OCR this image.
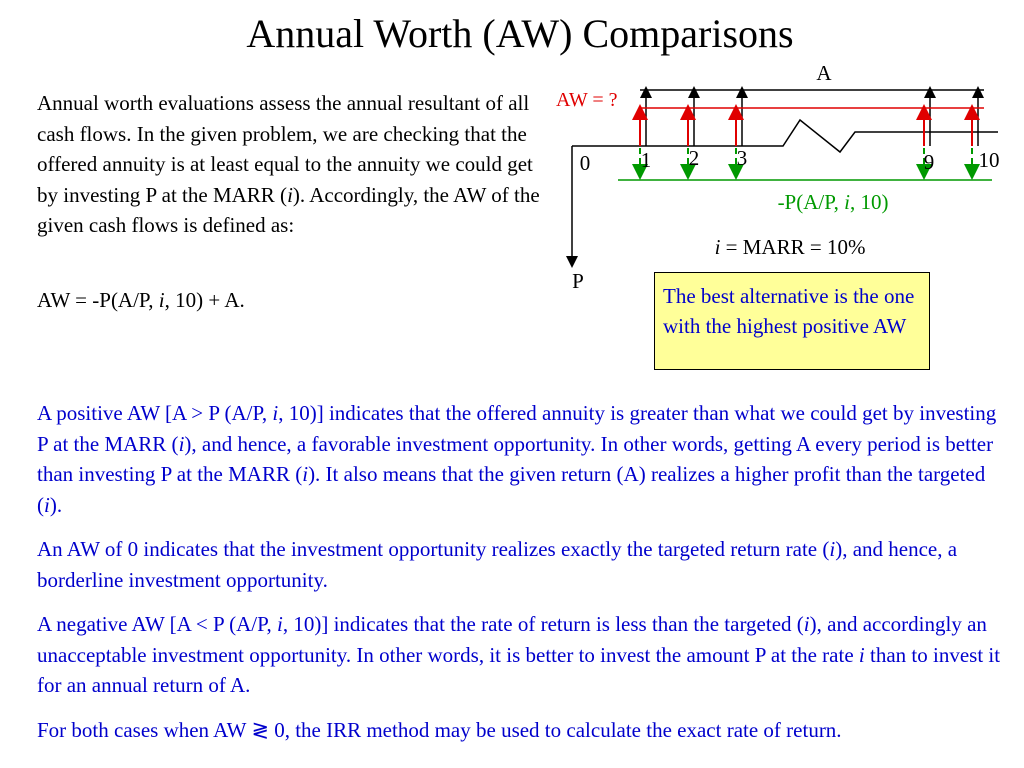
Annual Worth (AW) Comparisons

Annual worth evaluations assess the annual resultant of all cash flows. In the given problem, we are checking that the offered annuity is at least equal to the annuity we could get by investing P at the MARR (i). Accordingly, the AW of the given cash flows is defined as:

AW = -P(A/P, i, 10) + A.

A
AW = ?
P
0 1 2 3	9 10
-P(A/P, i, 10)
i = MARR = 10%
The best alternative is the one with the highest positive AW

A positive AW [A > P (A/P, i, 10)] indicates that the offered annuity is greater than what we could get by investing P at the MARR (i), and hence, a favorable investment opportunity. In other words, getting A every period is better than investing P at the MARR (i). It also means that the given return (A) realizes a higher profit than the targeted (i).

An AW of 0 indicates that the investment opportunity realizes exactly the targeted return rate (i), and hence, a borderline investment opportunity.

A negative AW [A < P (A/P, i, 10)] indicates that the rate of return is less than the targeted (i), and accordingly an unacceptable investment opportunity. In other words, it is better to invest the amount P at the rate i than to invest it for an annual return of A.

For both cases when AW ≷ 0, the IRR method may be used to calculate the exact rate of return.
